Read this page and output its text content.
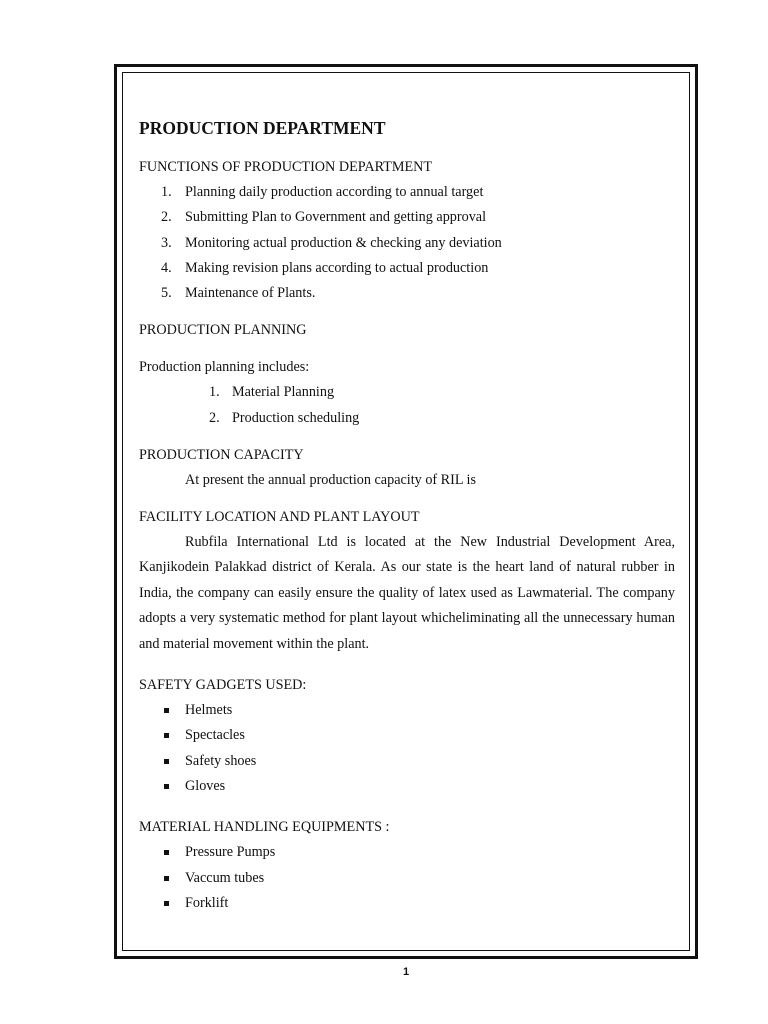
PRODUCTION DEPARTMENT
FUNCTIONS OF PRODUCTION DEPARTMENT
1. Planning daily production according to annual target
2. Submitting Plan to Government and getting approval
3. Monitoring actual production & checking any deviation
4. Making revision plans according to actual production
5. Maintenance of Plants.
PRODUCTION PLANNING
Production planning includes:
1. Material Planning
2. Production scheduling
PRODUCTION CAPACITY
At present the annual production capacity of RIL is
FACILITY LOCATION AND PLANT LAYOUT

Rubfila International Ltd is located at the New Industrial Development Area, Kanjikodein Palakkad district of Kerala. As our state is the heart land of natural rubber in India, the company can easily ensure the quality of latex used as Lawmaterial. The company adopts a very systematic method for plant layout whicheliminating all the unnecessary human and material movement within the plant.

SAFETY GADGETS USED:
Helmets
Spectacles
Safety shoes
Gloves
MATERIAL HANDLING EQUIPMENTS :
Pressure Pumps
Vaccum tubes
Forklift
1
